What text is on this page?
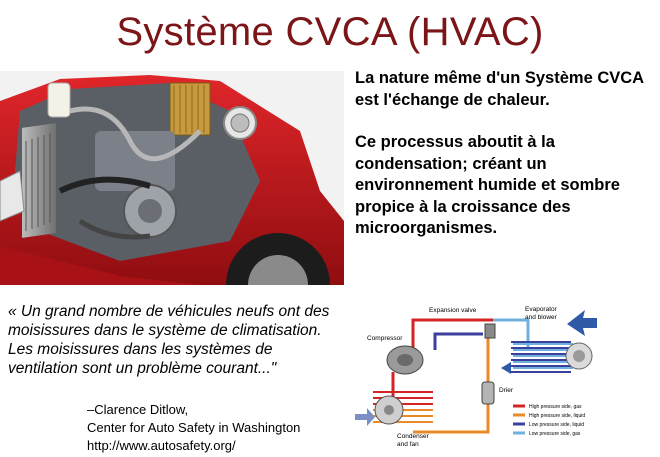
Système CVCA (HVAC)

La nature même d'un Système CVCA est l'échange de chaleur.

Ce processus aboutit à la condensation; créant un environnement humide et sombre propice à la croissance des microorganismes.

« Un grand nombre de véhicules neufs ont des moisissures dans le système de climatisation. Les moisissures dans les systèmes de ventilation sont un problème courant..."
–Clarence Ditlow,
Center for Auto Safety in Washington
http://www.autosafety.org/
Expansion valve	Evaporator
and blower
Compressor
Drier
Condenser
and fan
High pressure side, gas
High pressure side, liquid
Low pressure side, liquid
Low pressure side, gas
